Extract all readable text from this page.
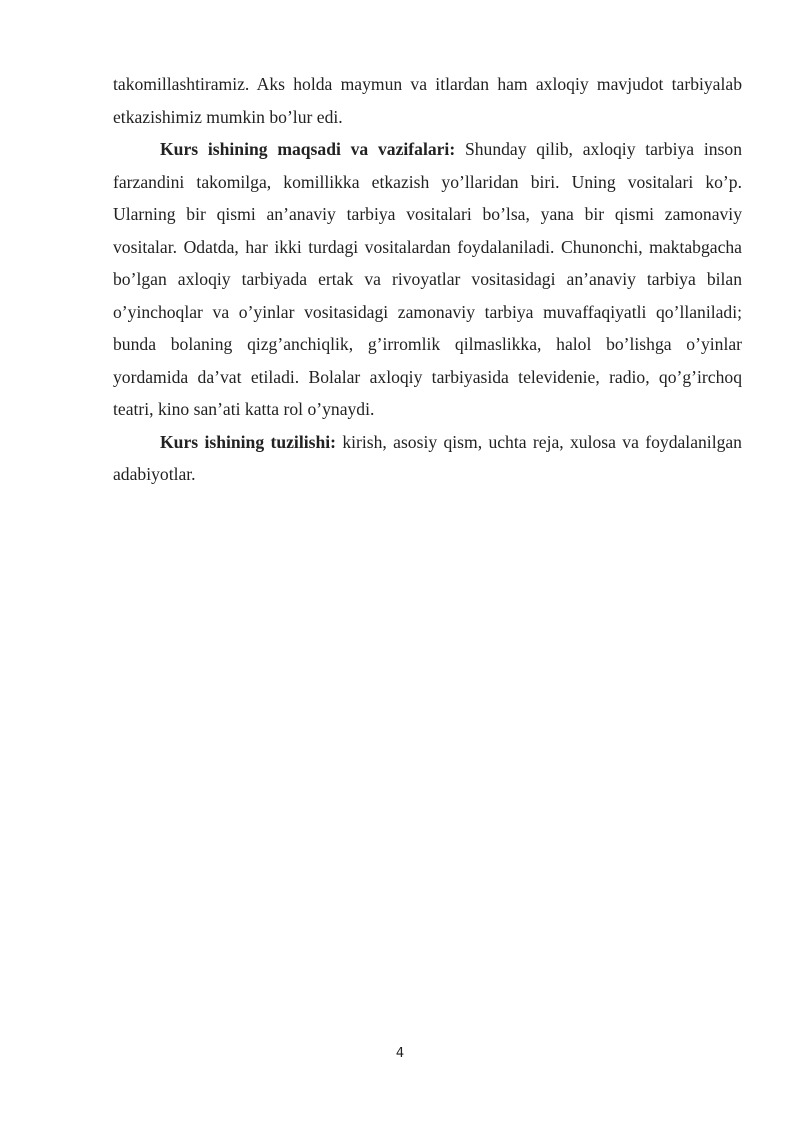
takomillashtiramiz. Aks holda maymun va itlardan ham axloqiy mavjudot tarbiyalab etkazishimiz mumkin bo’lur edi.

Kurs ishining maqsadi va vazifalari: Shunday qilib, axloqiy tarbiya inson farzandini takomilga, komillikka etkazish yo’llaridan biri. Uning vositalari ko’p. Ularning bir qismi an’anaviy tarbiya vositalari bo’lsa, yana bir qismi zamonaviy vositalar. Odatda, har ikki turdagi vositalardan foydalaniladi. Chunonchi, maktabgacha bo’lgan axloqiy tarbiyada ertak va rivoyatlar vositasidagi an’anaviy tarbiya bilan o’yinchoqlar va o’yinlar vositasidagi zamonaviy tarbiya muvaffaqiyatli qo’llaniladi; bunda bolaning qizg’anchiqlik, g’irromlik qilmaslikka, halol bo’lishga o’yinlar yordamida da’vat etiladi. Bolalar axloqiy tarbiyasida televidenie, radio, qo’g’irchoq teatri, kino san’ati katta rol o’ynaydi.

Kurs ishining tuzilishi: kirish, asosiy qism, uchta reja, xulosa va foydalanilgan adabiyotlar.

4
